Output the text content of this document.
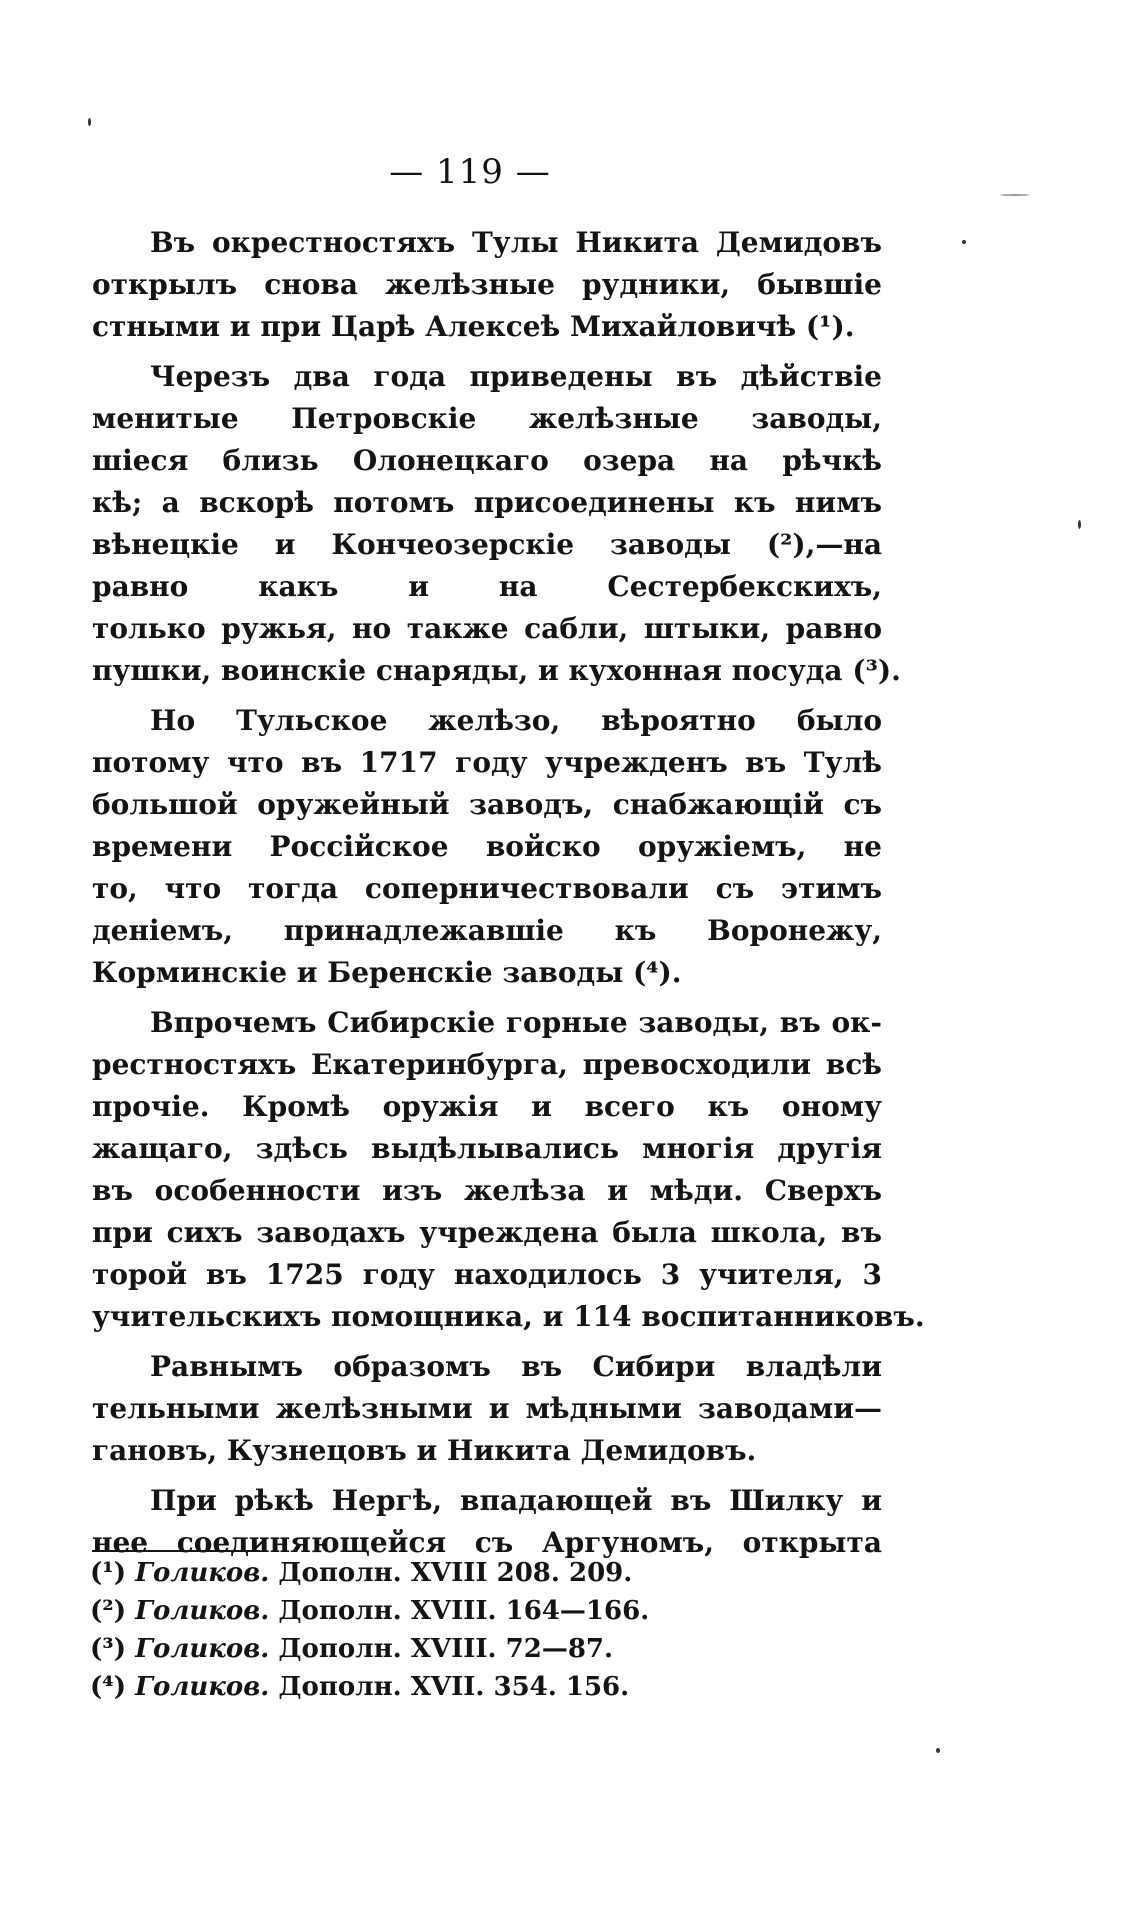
— 119 —
Въ окрестностяхъ Тулы Никита Демидовъ
открылъ снова желѣзные рудники, бывшіе
стными и при Царѣ Алексеѣ Михайловичѣ (¹).
Черезъ два года приведены въ дѣйствіе
менитые Петровскіе желѣзные заводы,
шіеся близь Олонецкаго озера на рѣчкѣ
кѣ; а вскорѣ потомъ присоединены къ нимъ
вѣнецкіе и Кончеозерскіе заводы (²),—на
равно какъ и на Сестербекскихъ,
только ружья, но также сабли, штыки, равно
пушки, воинскіе снаряды, и кухонная посуда (³).
Но Тульское желѣзо, вѣроятно было
потому что въ 1717 году учрежденъ въ Тулѣ
большой оружейный заводъ, снабжающій съ
времени Россійское войско оружіемъ, не
то, что тогда соперничествовали съ этимъ
деніемъ, принадлежавшіе къ Воронежу,
Корминскіе и Беренскіе заводы (⁴).
Впрочемъ Сибирскіе горные заводы, въ ок-
рестностяхъ Екатеринбурга, превосходили всѣ
прочіе. Кромѣ оружія и всего къ оному
жащаго, здѣсь выдѣлывались многія другія
въ особенности изъ желѣза и мѣди. Сверхъ
при сихъ заводахъ учреждена была школа, въ
торой въ 1725 году находилось 3 учителя, 3
учительскихъ помощника, и 114 воспитанниковъ.
Равнымъ образомъ въ Сибири владѣли
тельными желѣзными и мѣдными заводами—
гановъ, Кузнецовъ и Никита Демидовъ.
При рѣкѣ Нергѣ, впадающей въ Шилку и
нее соединяющейся съ Аргуномъ, открыта
(¹) Голиков. Дополн. XVIII 208. 209.
(²) Голиков. Дополн. XVIII. 164—166.
(³) Голиков. Дополн. XVIII. 72—87.
(⁴) Голиков. Дополн. XVII. 354. 156.
